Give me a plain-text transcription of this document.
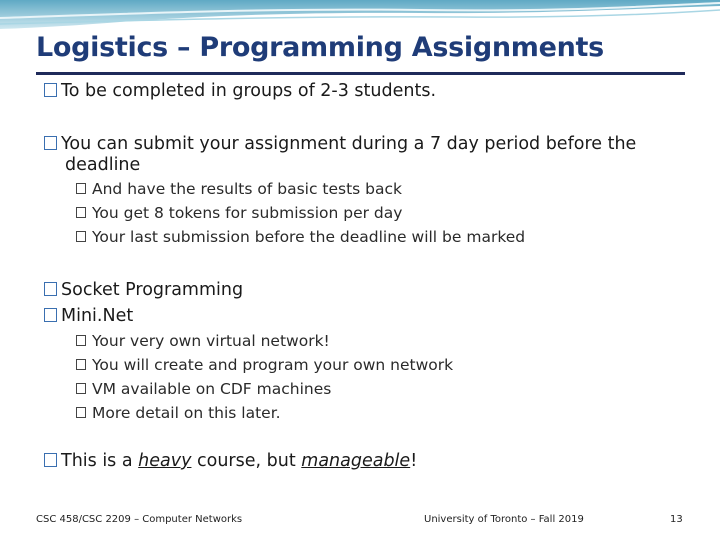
Logistics – Programming Assignments
To be completed in groups of 2-3 students.
You can submit your assignment during a 7 day period before the
deadline
And have the results of basic tests back
You get 8 tokens for submission per day
Your last submission before the deadline will be marked
Socket Programming
Mini.Net
Your very own virtual network!
You will create and program your own network
VM available on CDF machines
More detail on this later.
This is a heavy course, but manageable!
CSC 458/CSC 2209 – Computer Networks	University of Toronto – Fall 2019	13
